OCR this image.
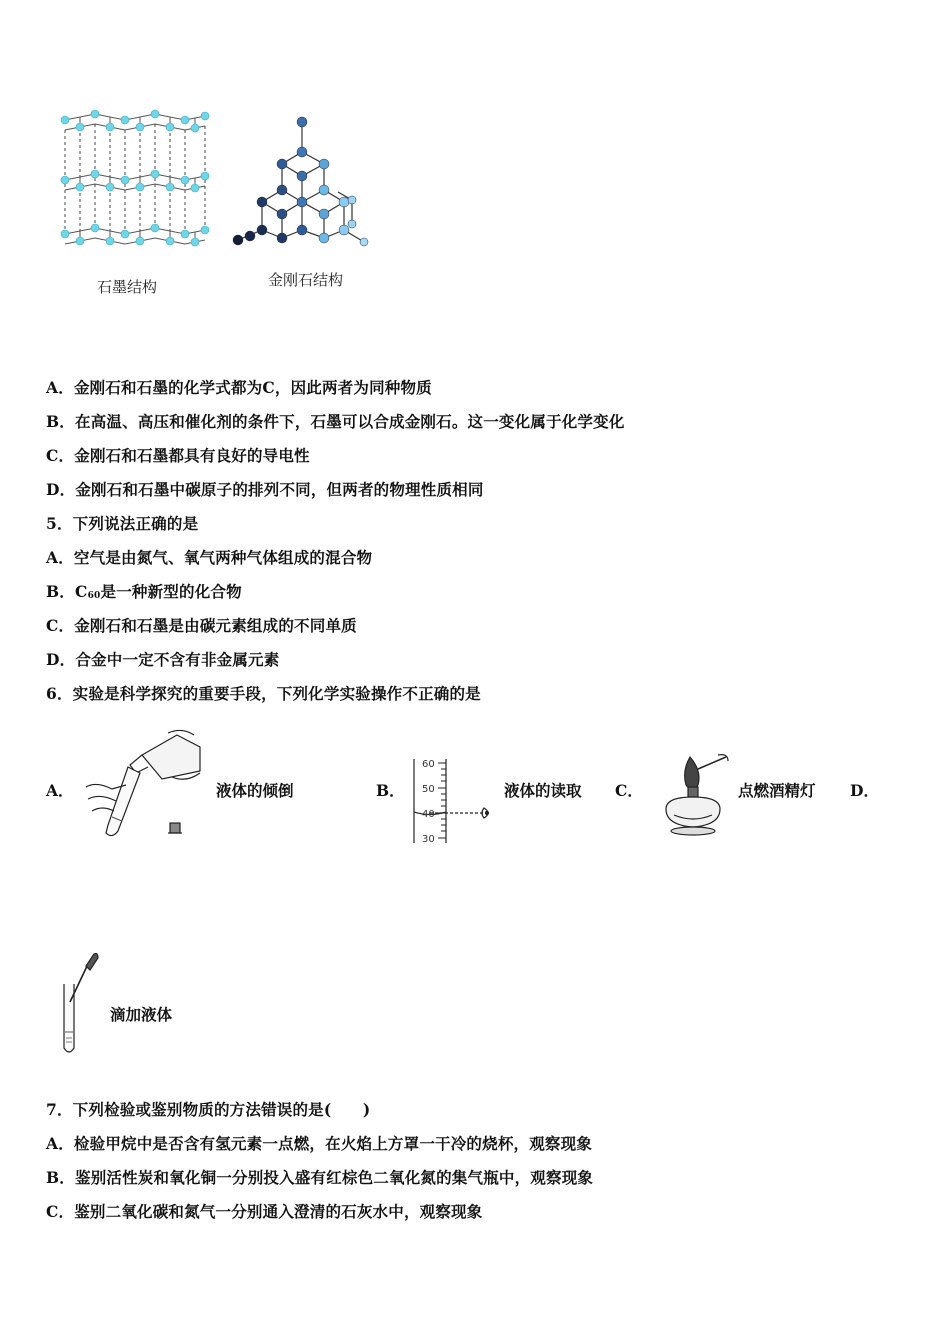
石墨结构	金刚石结构
A．金刚石和石墨的化学式都为C，因此两者为同种物质
B．在高温、高压和催化剂的条件下，石墨可以合成金刚石。这一变化属于化学变化
C．金刚石和石墨都具有良好的导电性
D．金刚石和石墨中碳原子的排列不同，但两者的物理性质相同
5．下列说法正确的是
A．空气是由氮气、氧气两种气体组成的混合物
B．$C_{60}$是一种新型的化合物
C．金刚石和石墨是由碳元素组成的不同单质
D．合金中一定不含有非金属元素
6．实验是科学探究的重要手段，下列化学实验操作不正确的是
A．	液体的倾倒	B．
60
50
40
30
液体的读取 C．	点燃酒精灯 D．
滴加液体
7．下列检验或鉴别物质的方法错误的是(　　)
A．检验甲烷中是否含有氢元素一点燃，在火焰上方罩一干冷的烧杯，观察现象
B．鉴别活性炭和氧化铜一分别投入盛有红棕色二氧化氮的集气瓶中，观察现象
C．鉴别二氧化碳和氮气一分别通入澄清的石灰水中，观察现象
